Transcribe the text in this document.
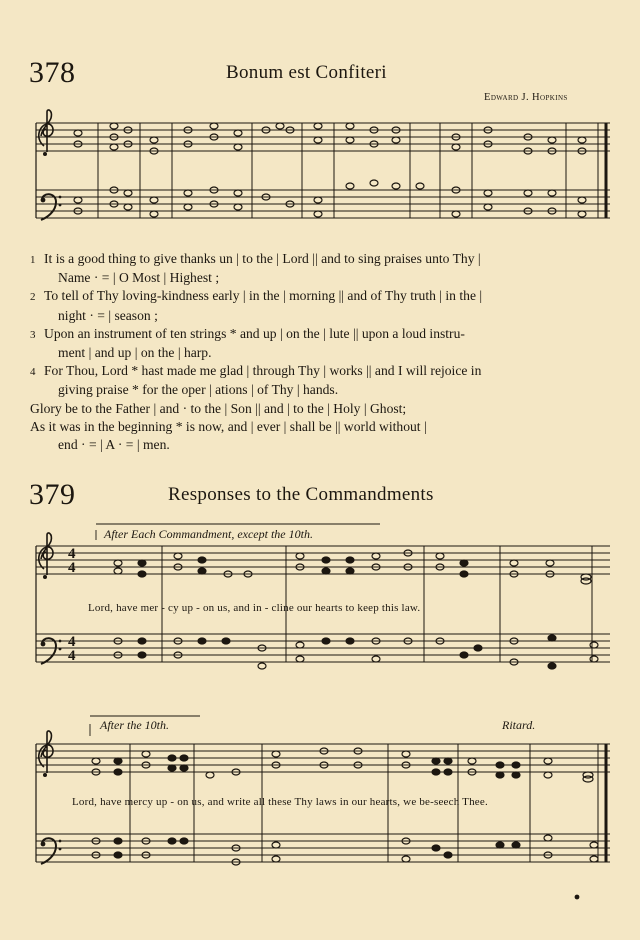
378	Bonum est Confiteri
Edward J. Hopkins
4
4
4
4
1 It is a good thing to give thanks un | to the | Lord || and to sing praises unto Thy |
Name · = | O Most | Highest ;
2 To tell of Thy loving-kindness early | in the | morning || and of Thy truth | in the |
night · = | season ;
3 Upon an instrument of ten strings * and up | on the | lute || upon a loud instru-
ment | and up | on the | harp.
4 For Thou, Lord * hast made me glad | through Thy | works || and I will rejoice in
giving praise * for the oper | ations | of Thy | hands.
Glory be to the Father | and · to the | Son || and | to the | Holy | Ghost;
As it was in the beginning * is now, and | ever | shall be || world without |
end · = | A · = | men.
379	Responses to the Commandments
After Each Commandment, except the 10th.
Lord, have mer - cy up - on us, and in - cline our hearts to keep this law.
After the 10th.	Ritard.
Lord, have mercy up - on us, and write all these Thy laws in our hearts, we be-seech Thee.
